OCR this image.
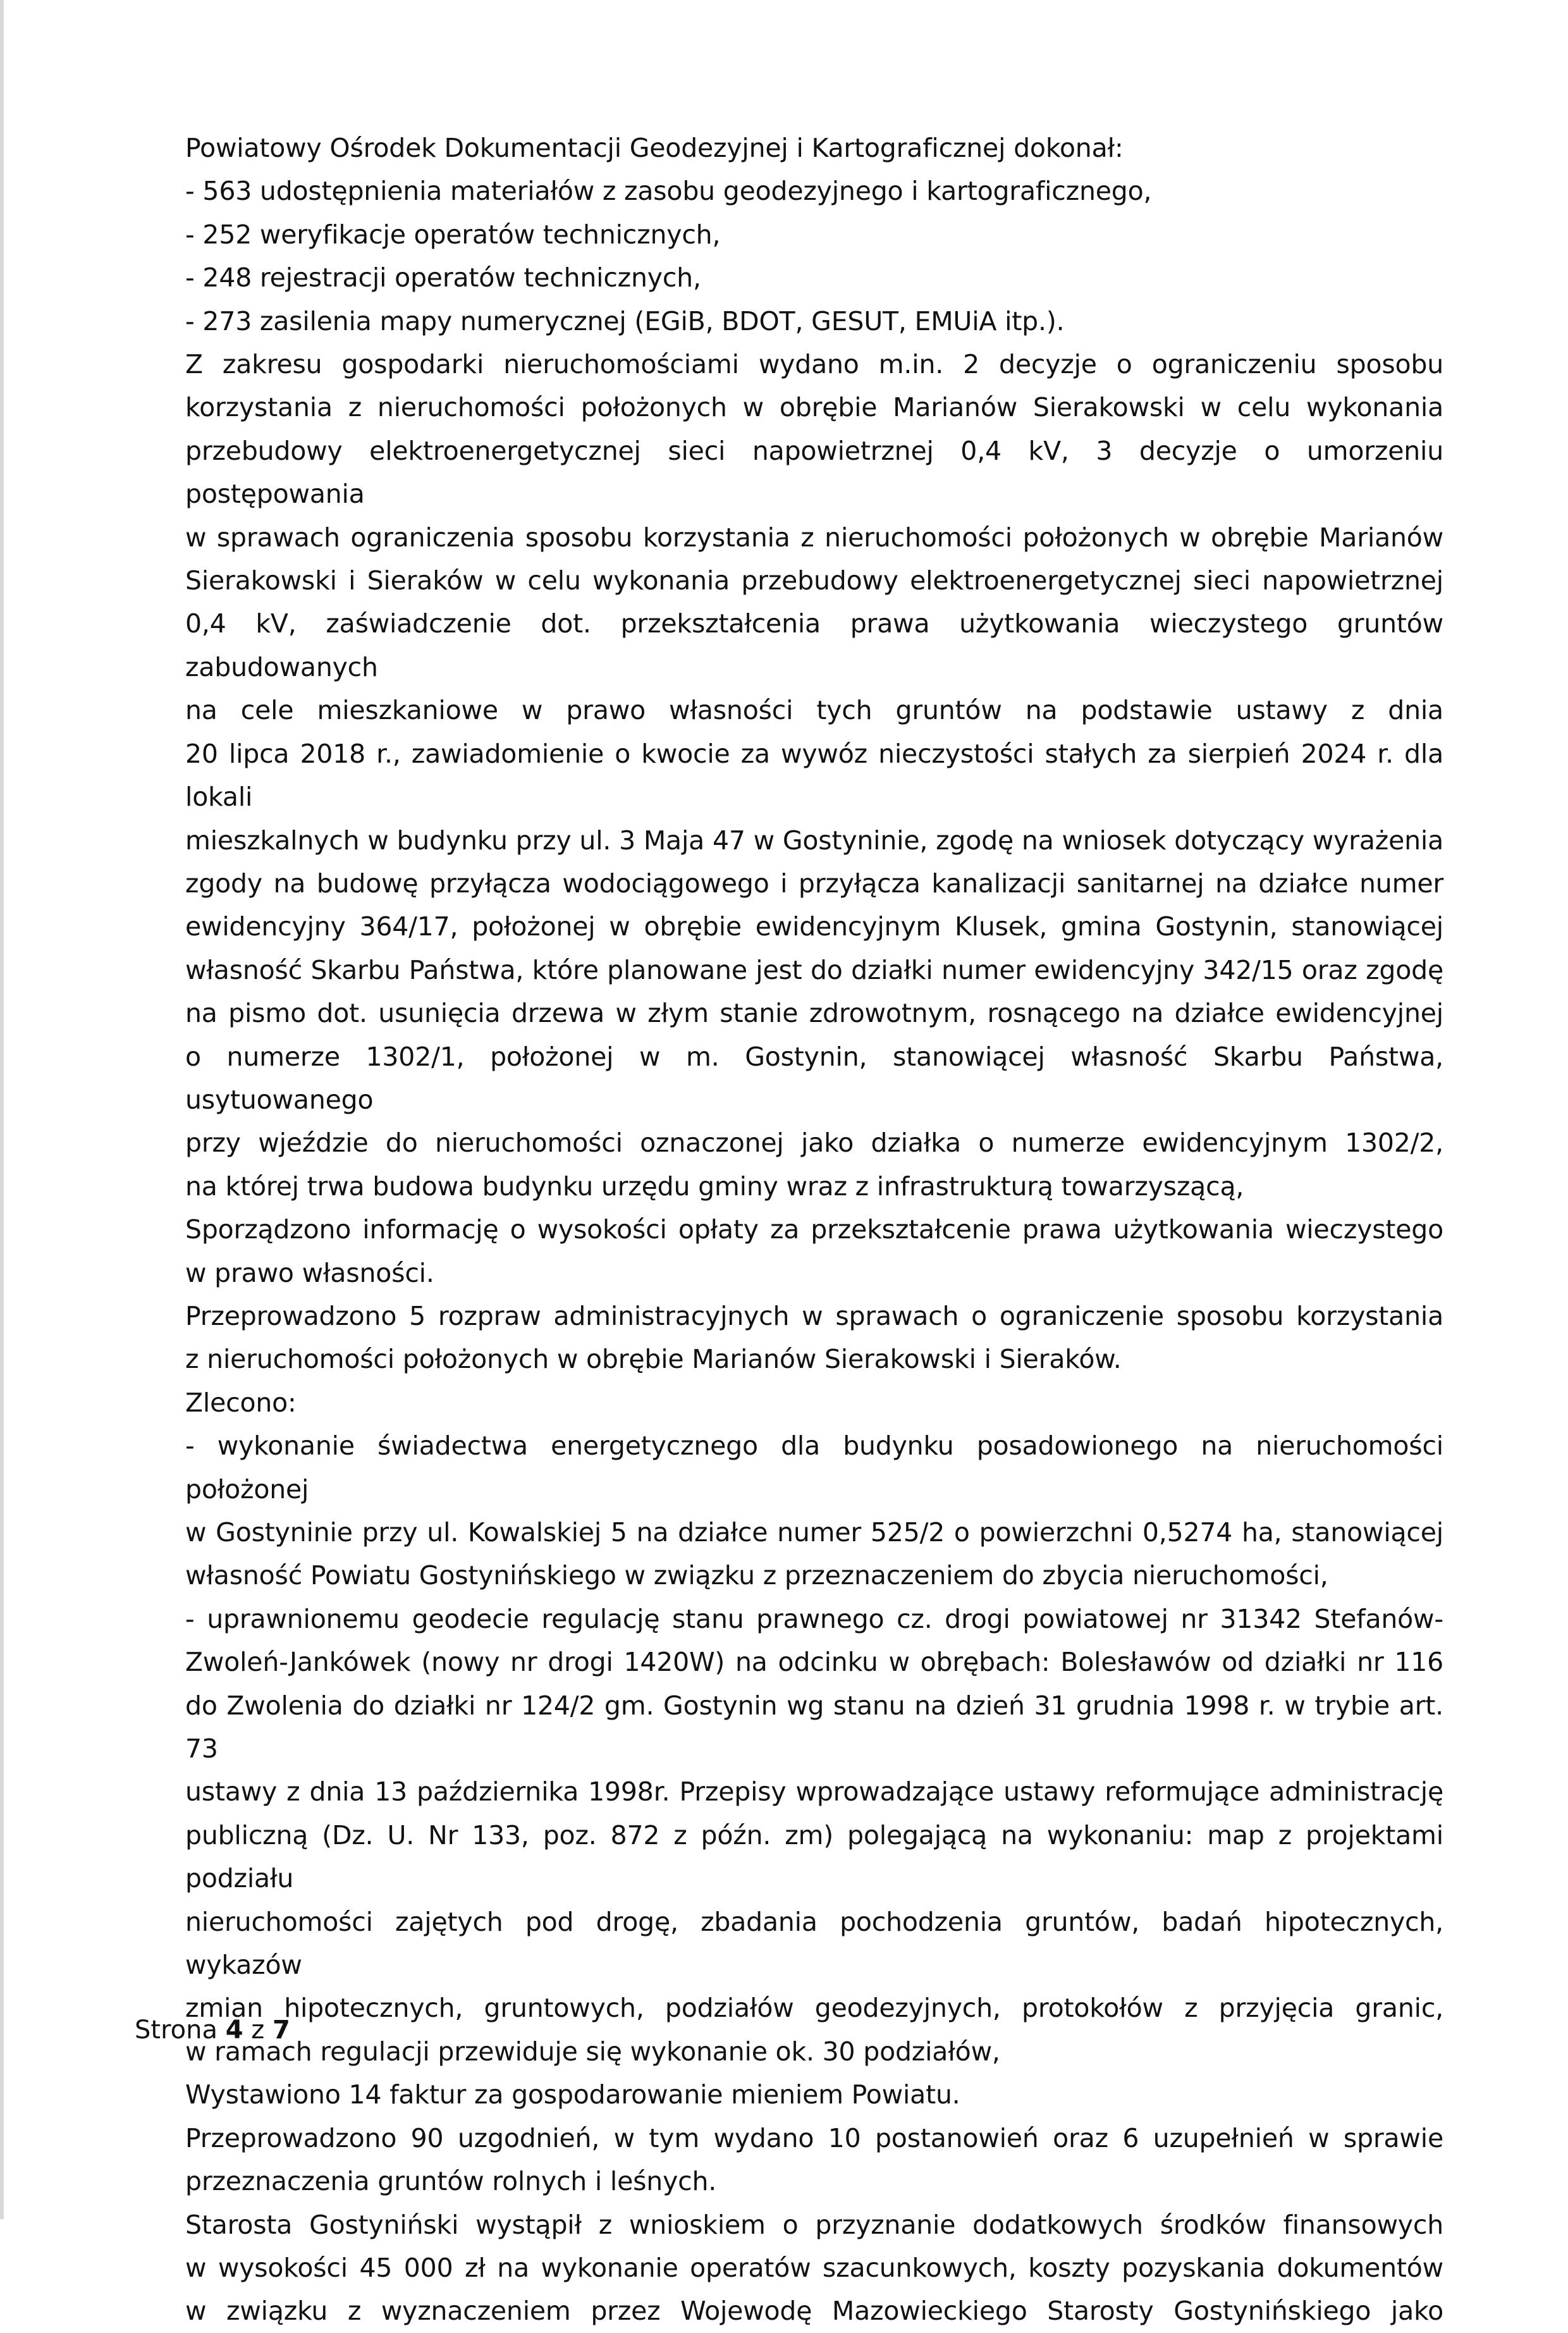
Powiatowy Ośrodek Dokumentacji Geodezyjnej i Kartograficznej dokonał:
- 563 udostępnienia materiałów z zasobu geodezyjnego i kartograficznego,
- 252 weryfikacje operatów technicznych,
- 248 rejestracji operatów technicznych,
- 273 zasilenia mapy numerycznej (EGiB, BDOT, GESUT, EMUiA itp.).
Z zakresu gospodarki nieruchomościami wydano m.in. 2 decyzje o ograniczeniu sposobu
korzystania z nieruchomości położonych w obrębie Marianów Sierakowski w celu wykonania
przebudowy elektroenergetycznej sieci napowietrznej 0,4 kV, 3 decyzje o umorzeniu postępowania
w sprawach ograniczenia sposobu korzystania z nieruchomości położonych w obrębie Marianów
Sierakowski i Sieraków w celu wykonania przebudowy elektroenergetycznej sieci napowietrznej
0,4 kV, zaświadczenie dot. przekształcenia prawa użytkowania wieczystego gruntów zabudowanych
na cele mieszkaniowe w prawo własności tych gruntów na podstawie ustawy z dnia
20 lipca 2018 r., zawiadomienie o kwocie za wywóz nieczystości stałych za sierpień 2024 r. dla lokali
mieszkalnych w budynku przy ul. 3 Maja 47 w Gostyninie, zgodę na wniosek dotyczący wyrażenia
zgody na budowę przyłącza wodociągowego i przyłącza kanalizacji sanitarnej na działce numer
ewidencyjny 364/17, położonej w obrębie ewidencyjnym Klusek, gmina Gostynin, stanowiącej
własność Skarbu Państwa, które planowane jest do działki numer ewidencyjny 342/15 oraz zgodę
na pismo dot. usunięcia drzewa w złym stanie zdrowotnym, rosnącego na działce ewidencyjnej
o numerze 1302/1, położonej w m. Gostynin, stanowiącej własność Skarbu Państwa, usytuowanego
przy wjeździe do nieruchomości oznaczonej jako działka o numerze ewidencyjnym 1302/2,
na której trwa budowa budynku urzędu gminy wraz z infrastrukturą towarzyszącą,
Sporządzono informację o wysokości opłaty za przekształcenie prawa użytkowania wieczystego
w prawo własności.
Przeprowadzono 5 rozpraw administracyjnych w sprawach o ograniczenie sposobu korzystania
z nieruchomości położonych w obrębie Marianów Sierakowski i Sieraków.
Zlecono:
- wykonanie świadectwa energetycznego dla budynku posadowionego na nieruchomości położonej
w Gostyninie przy ul. Kowalskiej 5 na działce numer 525/2 o powierzchni 0,5274 ha, stanowiącej
własność Powiatu Gostynińskiego w związku z przeznaczeniem do zbycia nieruchomości,
- uprawnionemu geodecie regulację stanu prawnego cz. drogi powiatowej nr 31342 Stefanów-
Zwoleń-Jankówek (nowy nr drogi 1420W) na odcinku w obrębach: Bolesławów od działki nr 116
do Zwolenia do działki nr 124/2 gm. Gostynin wg stanu na dzień 31 grudnia 1998 r. w trybie art. 73
ustawy z dnia 13 października 1998r. Przepisy wprowadzające ustawy reformujące administrację
publiczną (Dz. U. Nr 133, poz. 872 z późn. zm) polegającą na wykonaniu: map z projektami podziału
nieruchomości zajętych pod drogę, zbadania pochodzenia gruntów, badań hipotecznych, wykazów
zmian hipotecznych, gruntowych, podziałów geodezyjnych, protokołów z przyjęcia granic,
w ramach regulacji przewiduje się wykonanie ok. 30 podziałów,
Wystawiono 14 faktur za gospodarowanie mieniem Powiatu.
Przeprowadzono 90 uzgodnień, w tym wydano 10 postanowień oraz 6 uzupełnień w sprawie
przeznaczenia gruntów rolnych i leśnych.
Starosta Gostyniński wystąpił z wnioskiem o przyznanie dodatkowych środków finansowych
w wysokości 45 000 zł na wykonanie operatów szacunkowych, koszty pozyskania dokumentów
w związku z wyznaczeniem przez Wojewodę Mazowieckiego Starosty Gostynińskiego jako
Strona 4 z 7
